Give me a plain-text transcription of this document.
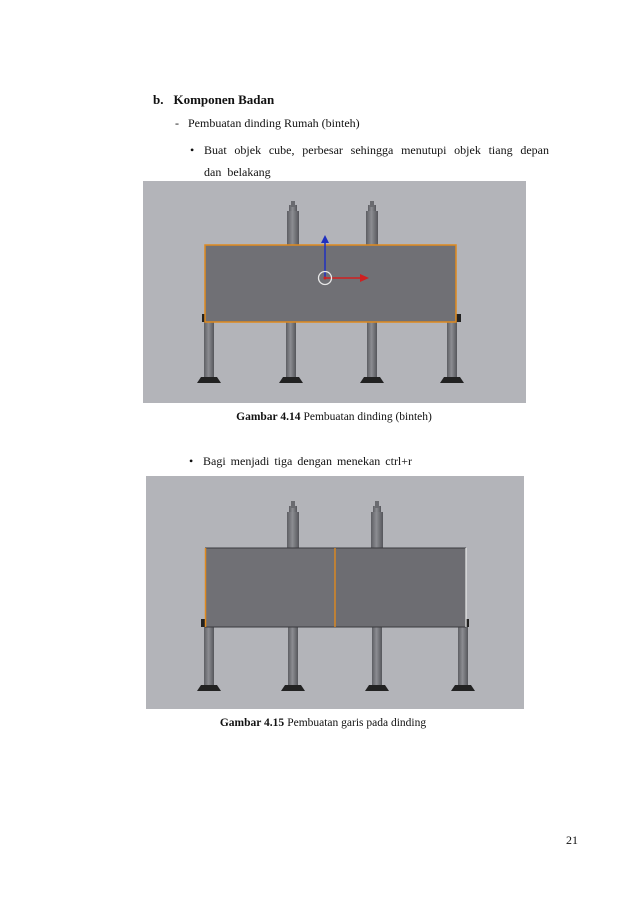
b. Komponen Badan
- Pembuatan dinding Rumah (binteh)
• Buat objek cube, perbesar sehingga menutupi objek tiang depan dan belakang
Gambar 4.14 Pembuatan dinding (binteh)
• Bagi menjadi tiga dengan menekan ctrl+r
Gambar 4.15 Pembuatan garis pada dinding
21
